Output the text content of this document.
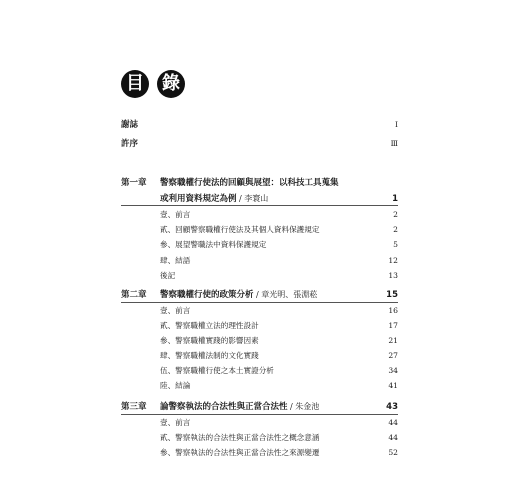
目 錄
謝誌	I
許序	Ⅲ
第一章 警察職權行使法的回顧與展望：以科技工具蒐集
或利用資料規定為例 / 李寰山	1
壹、前言	2
貳、回顧警察職權行使法及其個人資料保護規定	2
參、展望警職法中資料保護規定	5
肆、結語	12
後記	13
第二章 警察職權行使的政策分析 / 章光明、張淵菘	15
壹、前言	16
貳、警察職權立法的理性設計	17
參、警察職權實踐的影響因素	21
肆、警察職權法制的文化實踐	27
伍、警察職權行使之本土實證分析	34
陸、結論	41
第三章 論警察執法的合法性與正當合法性 / 朱金池	43
壹、前言	44
貳、警察執法的合法性與正當合法性之概念意涵	44
參、警察執法的合法性與正當合法性之來源變遷	52
